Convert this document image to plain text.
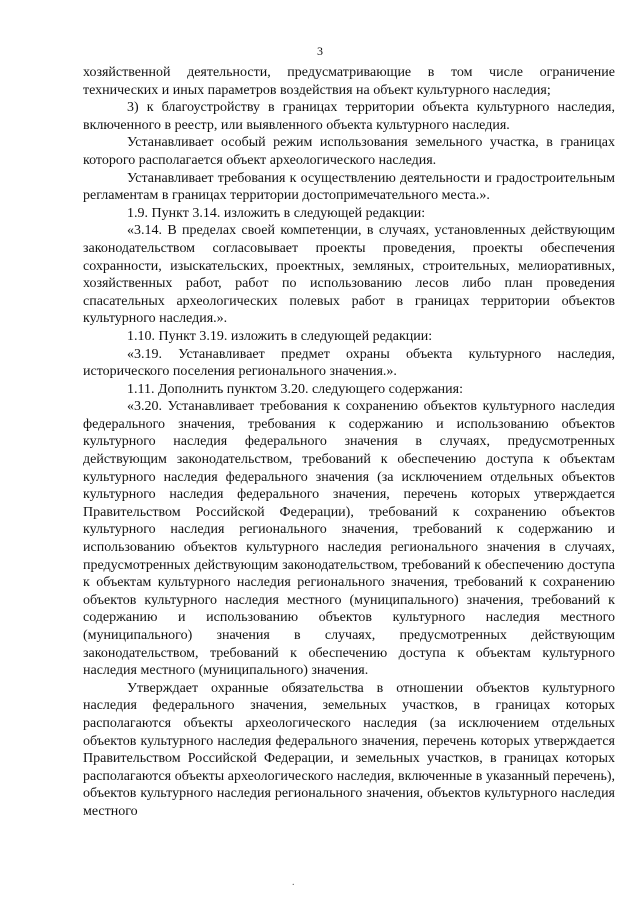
3

хозяйственной деятельности, предусматривающие в том числе ограничение технических и иных параметров воздействия на объект культурного наследия;

3) к благоустройству в границах территории объекта культурного наследия, включенного в реестр, или выявленного объекта культурного наследия.

Устанавливает особый режим использования земельного участка, в границах которого располагается объект археологического наследия.

Устанавливает требования к осуществлению деятельности и градостроительным регламентам в границах территории достопримечательного места.».

1.9. Пункт 3.14. изложить в следующей редакции:

«3.14. В пределах своей компетенции, в случаях, установленных действующим законодательством согласовывает проекты проведения, проекты обеспечения сохранности, изыскательских, проектных, земляных, строительных, мелиоративных, хозяйственных работ, работ по использованию лесов либо план проведения спасательных археологических полевых работ в границах территории объектов культурного наследия.».

1.10. Пункт 3.19. изложить в следующей редакции:

«3.19. Устанавливает предмет охраны объекта культурного наследия, исторического поселения регионального значения.».

1.11. Дополнить пунктом 3.20. следующего содержания:

«3.20. Устанавливает требования к сохранению объектов культурного наследия федерального значения, требования к содержанию и использованию объектов культурного наследия федерального значения в случаях, предусмотренных действующим законодательством, требований к обеспечению доступа к объектам культурного наследия федерального значения (за исключением отдельных объектов культурного наследия федерального значения, перечень которых утверждается Правительством Российской Федерации), требований к сохранению объектов культурного наследия регионального значения, требований к содержанию и использованию объектов культурного наследия регионального значения в случаях, предусмотренных действующим законодательством, требований к обеспечению доступа к объектам культурного наследия регионального значения, требований к сохранению объектов культурного наследия местного (муниципального) значения, требований к содержанию и использованию объектов культурного наследия местного (муниципального) значения в случаях, предусмотренных действующим законодательством, требований к обеспечению доступа к объектам культурного наследия местного (муниципального) значения.

Утверждает охранные обязательства в отношении объектов культурного наследия федерального значения, земельных участков, в границах которых располагаются объекты археологического наследия (за исключением отдельных объектов культурного наследия федерального значения, перечень которых утверждается Правительством Российской Федерации, и земельных участков, в границах которых располагаются объекты археологического наследия, включенные в указанный перечень), объектов культурного наследия регионального значения, объектов культурного наследия местного

.
